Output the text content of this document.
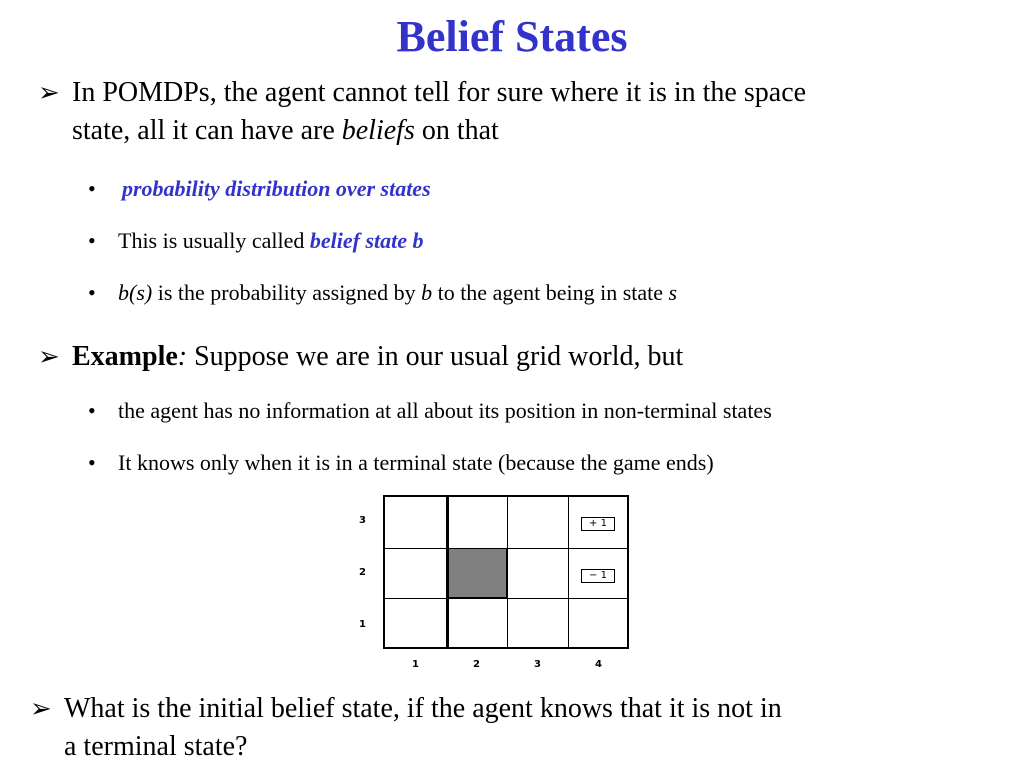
Belief States
➢ In POMDPs, the agent cannot tell for sure where it is in the space
state, all it can have are beliefs on that
• probability distribution over states
• This is usually called belief state b
• b(s) is the probability assigned by b to the agent being in state s
➢ Example: Suppose we are in our usual grid world, but
• the agent has no information at all about its position in non-terminal states
• It knows only when it is in a terminal state (because the game ends)
3
2
1
+ 1
− 1
1	2	3	4
➢ What is the initial belief state, if the agent knows that it is not in
a terminal state?
